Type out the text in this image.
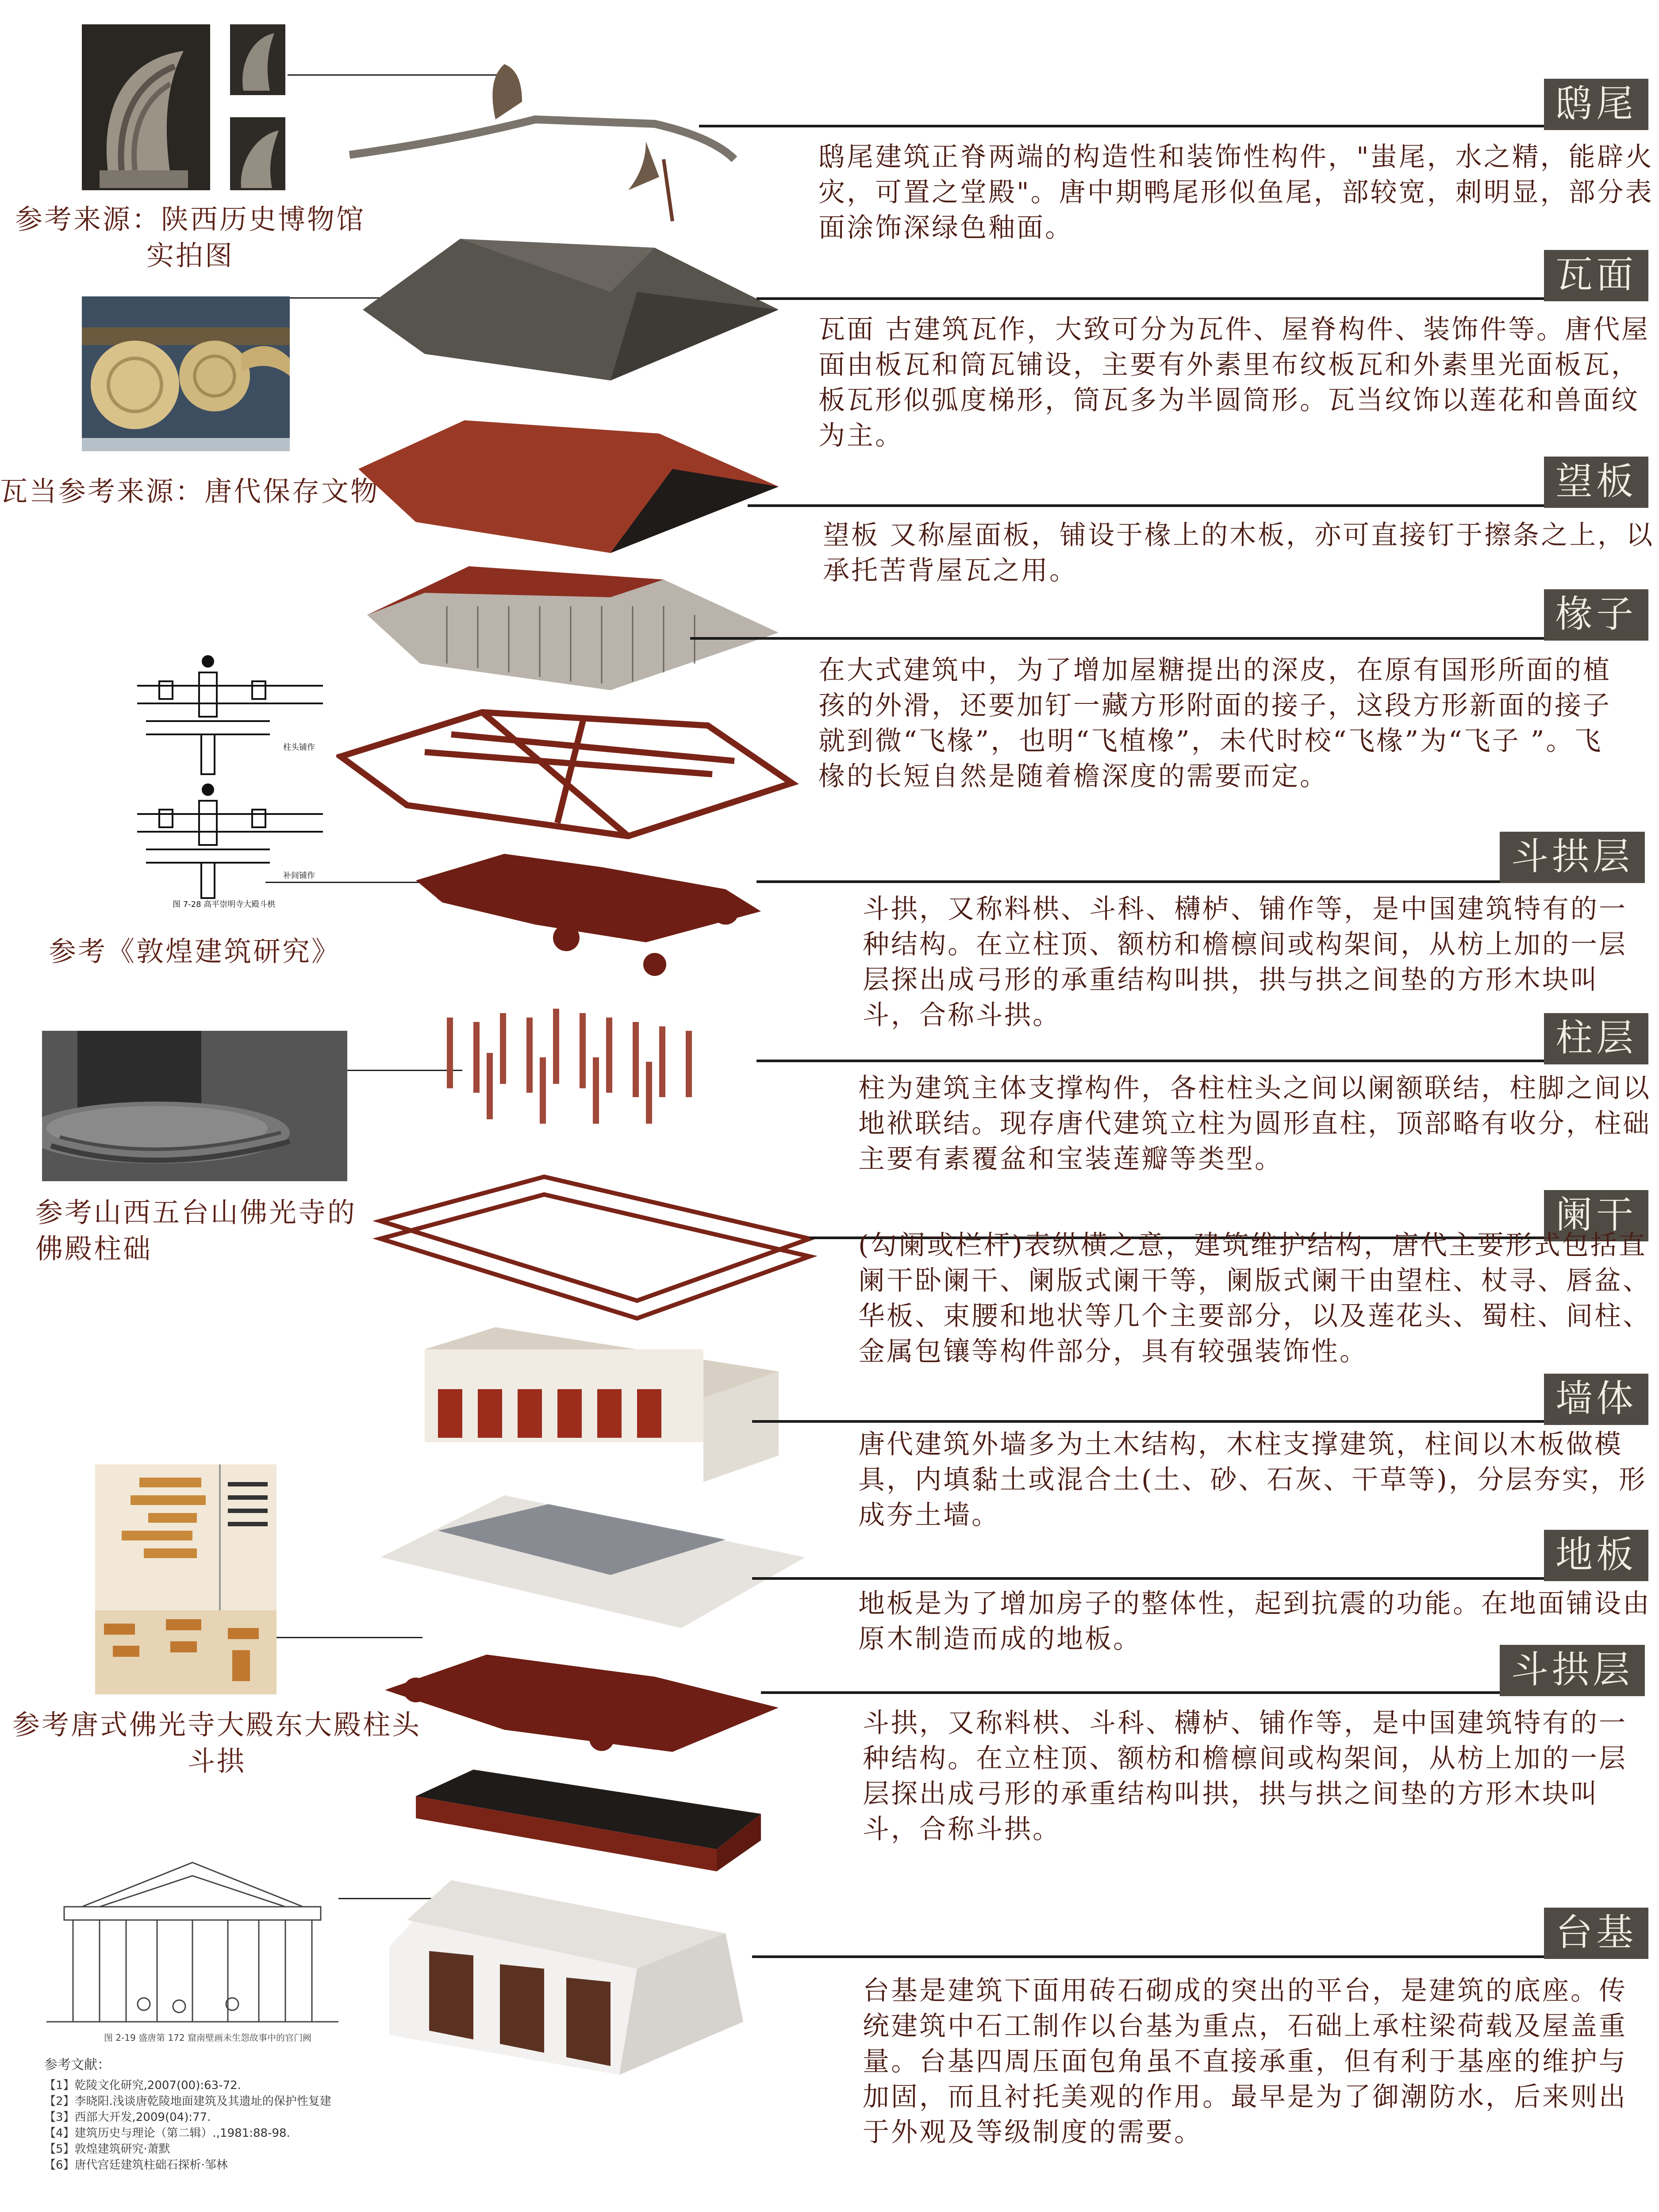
参考来源：陕西历史博物馆实拍图
瓦当参考来源：唐代保存文物
柱头铺作
补间铺作
图 7-28 高平崇明寺大殿斗栱
参考《敦煌建筑研究》
参考山西五台山佛光寺的佛殿柱础
参考唐式佛光寺大殿东大殿柱头斗拱
图 2-19 盛唐第 172 窟南壁画未生怨故事中的官门阙
参考文献：
【1】乾陵文化研究,2007(00):63-72.
【2】李晓阳.浅谈唐乾陵地面建筑及其遗址的保护性复建
【3】西部大开发,2009(04):77.
【4】建筑历史与理论（第二辑）.,1981:88-98.
【5】敦煌建筑研究·萧默
【6】唐代宫廷建筑柱础石探析·邹林
鸱尾
鸱尾建筑正脊两端的构造性和装饰性构件，"蚩尾，水之精，能辟火灾，可置之堂殿"。唐中期鸭尾形似鱼尾，部较宽，刺明显，部分表面涂饰深绿色釉面。
瓦面
瓦面 古建筑瓦作，大致可分为瓦件、屋脊构件、装饰件等。唐代屋面由板瓦和筒瓦铺设，主要有外素里布纹板瓦和外素里光面板瓦，板瓦形似弧度梯形，筒瓦多为半圆筒形。瓦当纹饰以莲花和兽面纹为主。
望板
望板 又称屋面板，铺设于椽上的木板，亦可直接钉于擦条之上，以承托苦背屋瓦之用。
椽子
在大式建筑中，为了增加屋糖提出的深皮，在原有国形所面的植孩的外滑，还要加钉一藏方形附面的接子，这段方形新面的接子就到微“飞椽”，也明“飞植橡”，未代时校“飞椽”为“飞子 ”。飞椽的长短自然是随着檐深度的需要而定。
斗拱层
斗拱，又称料栱、斗科、欂栌、铺作等，是中国建筑特有的一种结构。在立柱顶、额枋和檐檩间或构架间，从枋上加的一层层探出成弓形的承重结构叫拱，拱与拱之间垫的方形木块叫斗，合称斗拱。
柱层
柱为建筑主体支撑构件，各柱柱头之间以阑额联结，柱脚之间以地袱联结。现存唐代建筑立柱为圆形直柱，顶部略有收分，柱础主要有素覆盆和宝装莲瓣等类型。
阑干
(勾阑或栏杆)表纵横之意，建筑维护结构，唐代主要形式包括直阑干卧阑干、阑版式阑干等，阑版式阑干由望柱、杖寻、唇盆、华板、束腰和地状等几个主要部分，以及莲花头、蜀柱、间柱、金属包镶等构件部分，具有较强装饰性。
墙体
唐代建筑外墙多为土木结构，木柱支撑建筑，柱间以木板做模具，内填黏土或混合土(土、砂、石灰、干草等)，分层夯实，形成夯土墙。
地板
地板是为了增加房子的整体性，起到抗震的功能。在地面铺设由原木制造而成的地板。
斗拱层
斗拱，又称料栱、斗科、欂栌、铺作等，是中国建筑特有的一种结构。在立柱顶、额枋和檐檩间或构架间，从枋上加的一层层探出成弓形的承重结构叫拱，拱与拱之间垫的方形木块叫斗，合称斗拱。
台基
台基是建筑下面用砖石砌成的突出的平台，是建筑的底座。传统建筑中石工制作以台基为重点，石础上承柱梁荷载及屋盖重量。台基四周压面包角虽不直接承重，但有利于基座的维护与加固，而且衬托美观的作用。最早是为了御潮防水，后来则出于外观及等级制度的需要。
